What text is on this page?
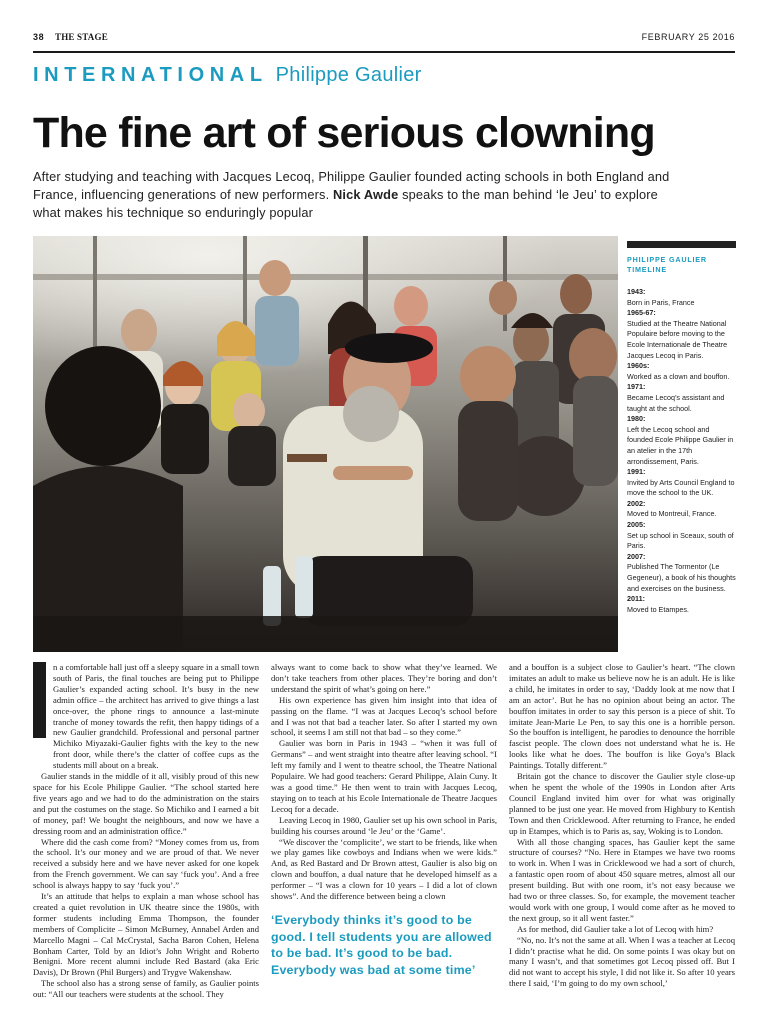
38 THE STAGE	FEBRUARY 25 2016
INTERNATIONAL Philippe Gaulier
The fine art of serious clowning
After studying and teaching with Jacques Lecoq, Philippe Gaulier founded acting schools in both England and France, influencing generations of new performers. Nick Awde speaks to the man behind ‘le Jeu’ to explore what makes his technique so enduringly popular
PHILIPPE GAULIER TIMELINE
1943:
Born in Paris, France
1965-67:
Studied at the Theatre National Populaire before moving to the Ecole Internationale de Theatre Jacques Lecoq in Paris.
1960s:
Worked as a clown and bouffon.
1971:
Became Lecoq’s assistant and taught at the school.
1980:
Left the Lecoq school and founded Ecole Philippe Gaulier in an atelier in the 17th arrondissement, Paris.
1991:
Invited by Arts Council England to move the school to the UK.
2002:
Moved to Montreuil, France.
2005:
Set up school in Sceaux, south of Paris.
2007:
Published The Tormentor (Le Gegeneur), a book of his thoughts and exercises on the business.
2011:
Moved to Etampes.

n a comfortable hall just off a sleepy square in a small town south of Paris, the final touches are being put to Philippe Gaulier’s expanded acting school. It’s busy in the new admin office – the architect has arrived to give things a last once-over, the phone rings to announce a last-minute tranche of money towards the refit, then happy tidings of a new Gaulier grandchild. Professional and personal partner Michiko Miyazaki-Gaulier fights with the key to the new front door, while there’s the clatter of coffee cups as the students mill about on a break.

Gaulier stands in the middle of it all, visibly proud of this new space for his Ecole Philippe Gaulier. “The school started here five years ago and we had to do the administration on the stairs and put the costumes on the stage. So Michiko and I earned a bit of money, paf! We bought the neighbours, and now we have a dressing room and an administration office.”

Where did the cash come from? “Money comes from us, from the school. It’s our money and we are proud of that. We never received a subsidy here and we have never asked for one kopek from the French government. We can say ‘fuck you’. And a free school is always happy to say ‘fuck you’.”

It’s an attitude that helps to explain a man whose school has created a quiet revolution in UK theatre since the 1980s, with former students including Emma Thompson, the founder members of Complicite – Simon McBurney, Annabel Arden and Marcello Magni – Cal McCrystal, Sacha Baron Cohen, Helena Bonham Carter, Told by an Idiot’s John Wright and Roberto Benigni. More recent alumni include Red Bastard (aka Eric Davis), Dr Brown (Phil Burgers) and Trygve Wakenshaw.

The school also has a strong sense of family, as Gaulier points out: “All our teachers were students at the school. They

always want to come back to show what they’ve learned. We don’t take teachers from other places. They’re boring and don’t understand the spirit of what’s going on here.”

His own experience has given him insight into that idea of passing on the flame. “I was at Jacques Lecoq’s school before and I was not that bad a teacher later. So after I started my own school, it seems I am still not that bad – so they come.”

Gaulier was born in Paris in 1943 – “when it was full of Germans” – and went straight into theatre after leaving school. “I left my family and I went to theatre school, the Theatre National Populaire. We had good teachers: Gerard Philippe, Alain Cuny. It was a good time.” He then went to train with Jacques Lecoq, staying on to teach at his Ecole Internationale de Theatre Jacques Lecoq for a decade.

Leaving Lecoq in 1980, Gaulier set up his own school in Paris, building his courses around ‘le Jeu’ or the ‘Game’.

“We discover the ‘complicite’, we start to be friends, like when we play games like cowboys and Indians when we were kids.” And, as Red Bastard and Dr Brown attest, Gaulier is also big on clown and bouffon, a dual nature that he developed himself as a performer – “I was a clown for 10 years – I did a lot of clown shows”. And the difference between being a clown

‘Everybody thinks it’s good to be good. I tell students you are allowed to be bad. It’s good to be bad. Everybody was bad at some time’

and a bouffon is a subject close to Gaulier’s heart. “The clown imitates an adult to make us believe now he is an adult. He is like a child, he imitates in order to say, ‘Daddy look at me now that I am an actor’. But he has no opinion about being an actor. The bouffon imitates in order to say this person is a piece of shit. To imitate Jean-Marie Le Pen, to say this one is a horrible person. So the bouffon is intelligent, he parodies to denounce the horrible fascist people. The clown does not understand what he is. He looks like what he does. The bouffon is like Goya’s Black Paintings. Totally different.”

Britain got the chance to discover the Gaulier style close-up when he spent the whole of the 1990s in London after Arts Council England invited him over for what was originally planned to be just one year. He moved from Highbury to Kentish Town and then Cricklewood. After returning to France, he ended up in Etampes, which is to Paris as, say, Woking is to London.

With all those changing spaces, has Gaulier kept the same structure of courses? “No. Here in Etampes we have two rooms to work in. When I was in Cricklewood we had a sort of church, a fantastic open room of about 450 square metres, almost all our present building. But with one room, it’s not easy because we had two or three classes. So, for example, the movement teacher would work with one group, I would come after as he moved to the next group, so it all went faster.”

As for method, did Gaulier take a lot of Lecoq with him?

“No, no. It’s not the same at all. When I was a teacher at Lecoq I didn’t practise what he did. On some points I was okay but on many I wasn’t, and that sometimes got Lecoq pissed off. But I did not want to accept his style, I did not like it. So after 10 years there I said, ‘I’m going to do my own school,’
